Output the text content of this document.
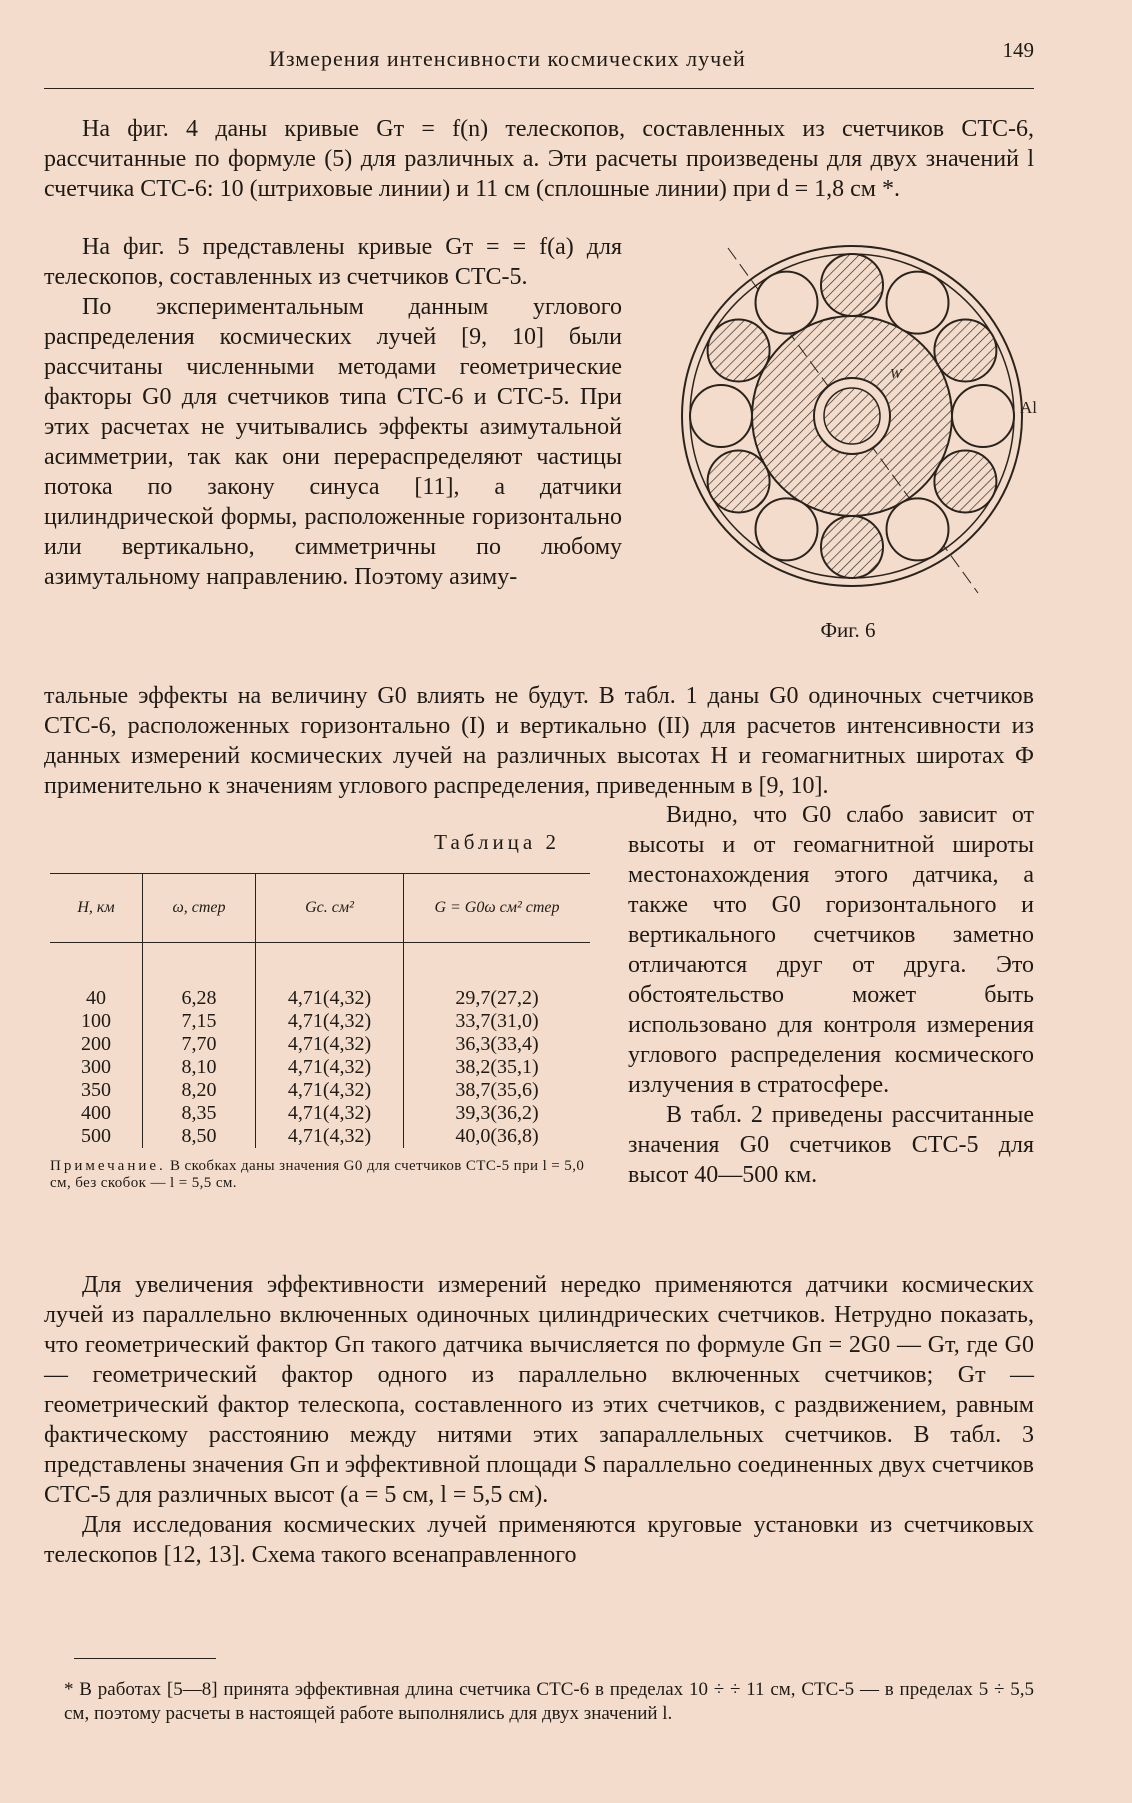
Измерения интенсивности космических лучей	149

На фиг. 4 даны кривые Gт = f(n) телескопов, составленных из счетчиков СТС-6, рассчитанные по формуле (5) для различных a. Эти расчеты произведены для двух значений l счетчика СТС-6: 10 (штриховые линии) и 11 см (сплошные линии) при d = 1,8 см *.

На фиг. 5 представлены кривые Gт = = f(a) для телескопов, составленных из счетчиков СТС-5.

По экспериментальным данным углового распределения космических лучей [9, 10] были рассчитаны численными методами геометрические факторы G0 для счетчиков типа СТС-6 и СТС-5. При этих расчетах не учитывались эффекты азимутальной асимметрии, так как они перераспределяют частицы потока по закону синуса [11], а датчики цилиндрической формы, расположенные горизонтально или вертикально, симметричны по любому азимутальному направлению. Поэтому азиму-

W
Al
Фиг. 6

тальные эффекты на величину G0 влиять не будут. В табл. 1 даны G0 одиночных счетчиков СТС-6, расположенных горизонтально (I) и вертикально (II) для расчетов интенсивности из данных измерений космических лучей на различных высотах H и геомагнитных широтах Ф применительно к значениям углового распределения, приведенным в [9, 10].

Таблица 2
H, км	ω, стер	Gc. см²	G = G0ω см² стер

40	6,28	4,71(4,32)	29,7(27,2)
100	7,15	4,71(4,32)	33,7(31,0)
200	7,70	4,71(4,32)	36,3(33,4)
300	8,10	4,71(4,32)	38,2(35,1)
350	8,20	4,71(4,32)	38,7(35,6)
400	8,35	4,71(4,32)	39,3(36,2)
500	8,50	4,71(4,32)	40,0(36,8)
Примечание. В скобках даны значения G0 для счетчиков СТС-5 при l = 5,0 см, без скобок — l = 5,5 см.

Видно, что G0 слабо зависит от высоты и от геомагнитной широты местонахождения этого датчика, а также что G0 горизонтального и вертикального счетчиков заметно отличаются друг от друга. Это обстоятельство может быть использовано для контроля измерения углового распределения космического излучения в стратосфере.

В табл. 2 приведены рассчитанные значения G0 счетчиков СТС-5 для высот 40—500 км.

Для увеличения эффективности измерений нередко применяются датчики космических лучей из параллельно включенных одиночных цилиндрических счетчиков. Нетрудно показать, что геометрический фактор Gп такого датчика вычисляется по формуле Gп = 2G0 — Gт, где G0 — геометрический фактор одного из параллельно включенных счетчиков; Gт — геометрический фактор телескопа, составленного из этих счетчиков, с раздвижением, равным фактическому расстоянию между нитями этих запараллельных счетчиков. В табл. 3 представлены значения Gп и эффективной площади S параллельно соединенных двух счетчиков СТС-5 для различных высот (a = 5 см, l = 5,5 см).

Для исследования космических лучей применяются круговые установки из счетчиковых телескопов [12, 13]. Схема такого всенаправленного

* В работах [5—8] принята эффективная длина счетчика СТС-6 в пределах 10 ÷ ÷ 11 см, СТС-5 — в пределах 5 ÷ 5,5 см, поэтому расчеты в настоящей работе выполнялись для двух значений l.
